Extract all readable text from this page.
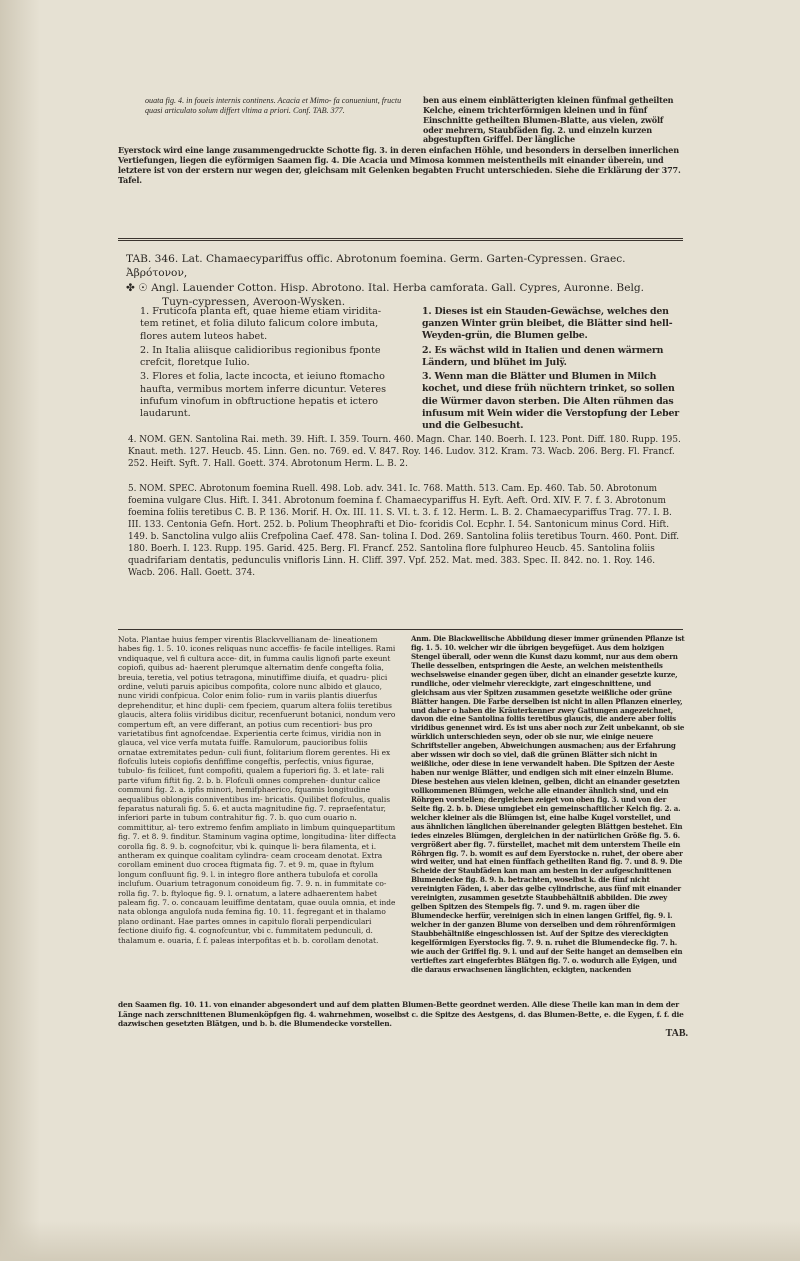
ouata fig. 4. in foueis internis continens. Acacia et Mimo- fa conueniunt, fructu quasi articulato solum differt vltima a priori. Conf. TAB. 377.
ben aus einem einblätterigten kleinen fünfmal getheilten Kelche, einem trichterförmigen kleinen und in fünf Einschnitte getheilten Blumen-Blatte, aus vielen, zwölf oder mehrern, Staubfäden fig. 2. und einzeln kurzen abgestupften Griffel. Der längliche
Eyerstock wird eine lange zusammengedruckte Schotte fig. 3. in deren einfachen Höhle, und besonders in derselben innerlichen Vertiefungen, liegen die eyförmigen Saamen fig. 4. Die Acacia und Mimosa kommen meistentheils mit einander überein, und letztere ist von der erstern nur wegen der, gleichsam mit Gelenken begabten Frucht unterschieden. Siehe die Erklärung der 377. Tafel.
TAB. 346. Lat. Chamaecypariffus offic. Abrotonum foemina. Germ. Garten-Cypressen. Graec. Ἀβρότονον,
✤ ☉ Angl. Lauender Cotton. Hisp. Abrotono. Ital. Herba camforata. Gall. Cypres, Auronne. Belg.
Tuyn-cypressen, Averoon-Wysken.
1. Fruticofa planta eft, quae hieme etiam viridita- tem retinet, et folia diluto falicum colore imbuta, flores autem luteos habet.
2. In Italia aliisque calidioribus regionibus fponte crefcit, floretque Iulio.
3. Flores et folia, lacte incocta, et ieiuno ftomacho haufta, vermibus mortem inferre dicuntur. Veteres infufum vinofum in obftructione hepatis et ictero laudarunt.
1. Dieses ist ein Stauden-Gewächse, welches den ganzen Winter grün bleibet, die Blätter sind hell-Weyden-grün, die Blumen gelbe.
2. Es wächst wild in Italien und denen wärmern Ländern, und blühet im Julÿ.
3. Wenn man die Blätter und Blumen in Milch kochet, und diese früh nüchtern trinket, so sollen die Würmer davon sterben. Die Alten rühmen das infusum mit Wein wider die Verstopfung der Leber und die Gelbesucht.
4. NOM. GEN. Santolina Rai. meth. 39. Hift. I. 359. Tourn. 460. Magn. Char. 140. Boerh. I. 123. Pont. Diff. 180. Rupp. 195. Knaut. meth. 127. Heucb. 45. Linn. Gen. no. 769. ed. V. 847. Roy. 146. Ludov. 312. Kram. 73. Wacb. 206. Berg. Fl. Francf. 252. Heift. Syft. 7. Hall. Goett. 374. Abrotonum Herm. L. B. 2.
5. NOM. SPEC. Abrotonum foemina Ruell. 498. Lob. adv. 341. Ic. 768. Matth. 513. Cam. Ep. 460. Tab. 50. Abrotonum foemina vulgare Clus. Hift. I. 341. Abrotonum foemina f. Chamaecypariffus H. Eyft. Aeft. Ord. XIV. F. 7. f. 3. Abrotonum foemina foliis teretibus C. B. P. 136. Morif. H. Ox. III. 11. S. VI. t. 3. f. 12. Herm. L. B. 2. Chamaecypariffus Trag. 77. I. B. III. 133. Centonia Gefn. Hort. 252. b. Polium Theophrafti et Dio- fcoridis Col. Ecphr. I. 54. Santonicum minus Cord. Hift. 149. b. Sanctolina vulgo aliis Crefpolina Caef. 478. San- tolina I. Dod. 269. Santolina foliis teretibus Tourn. 460. Pont. Diff. 180. Boerh. I. 123. Rupp. 195. Garid. 425. Berg. Fl. Francf. 252. Santolina flore fulphureo Heucb. 45. Santolina foliis quadrifariam dentatis, pedunculis vnifloris Linn. H. Cliff. 397. Vpf. 252. Mat. med. 383. Spec. II. 842. no. 1. Roy. 146. Wacb. 206. Hall. Goett. 374.
Nota. Plantae huius femper virentis Blackvvellianam de- lineationem habes fig. 1. 5. 10. icones reliquas nunc acceffis- fe facile intelliges. Rami vndiquaque, vel fi cultura acce- dit, in fumma caulis lignofi parte exeunt copiofi, quibus ad- haerent plerumque alternatim denfe congefta folia, breuia, teretia, vel potius tetragona, minutiffime diuifa, et quadru- plici ordine, veluti paruis apicibus compofita, colore nunc albido et glauco, nunc viridi confpicua. Color enim folio- rum in variis plantis diuerfus deprehenditur, et hinc dupli- cem fpeciem, quarum altera foliis teretibus glaucis, altera foliis viridibus dicitur, recenfuerunt botanici, nondum vero compertum eft, an vere differant, an potius cum recentiori- bus pro varietatibus fint agnofcendae. Experientia certe fcimus, viridia non in glauca, vel vice verfa mutata fuiffe. Ramulorum, paucioribus foliis ornatae extremitates pedun- culi fiunt, folitarium florem gerentes. Hi ex flofculis luteis copiofis denfiffime congeftis, perfectis, vnius figurae, tubulo- fis fcilicet, funt compofiti, qualem a fuperiori fig. 3. et late- rali parte vifum fiftit fig. 2. b. b. Flofculi omnes comprehen- duntur calice communi fig. 2. a. ipfis minori, hemifphaerico, fquamis longitudine aequalibus oblongis conniventibus im- bricatis. Quilibet flofculus, qualis feparatus naturali fig. 5. 6. et aucta magnitudine fig. 7. repraefentatur, inferiori parte in tubum contrahitur fig. 7. b. quo cum ouario n. committitur, al- tero extremo fenfim ampliato in limbum quinquepartitum fig. 7. et 8. 9. finditur. Staminum vagina optime, longitudina- liter diffecta corolla fig. 8. 9. b. cognofcitur, vbi k. quinque li- bera filamenta, et i. antheram ex quinque coalitam cylindra- ceam croceam denotat. Extra corollam eminent duo crocea ftigmata fig. 7. et 9. m, quae in ftylum longum confluunt fig. 9. l. in integro flore anthera tubulofa et corolla inclufum. Ouarium tetragonum conoideum fig. 7. 9. n. in fummitate co- rolla fig. 7. b. ftyloque fig. 9. l. ornatum, a latere adhaerentem habet paleam fig. 7. o. concauam leuiffime dentatam, quae ouula omnia, et inde nata oblonga angulofa nuda femina fig. 10. 11. fegregant et in thalamo plano ordinant. Hae partes omnes in capitulo florali perpendiculari fectione diuifo fig. 4. cognofcuntur, vbi c. fummitatem pedunculi, d. thalamum e. ouaria, f. f. paleas interpofitas et b. b. corollam denotat.
Anm. Die Blackwellische Abbildung dieser immer grünenden Pflanze ist fig. 1. 5. 10. welcher wir die übrigen beygefüget. Aus dem holzigen Stengel überall, oder wenn die Kunst dazu kommt, nur aus dem obern Theile desselben, entspringen die Aeste, an welchen meistentheils wechselsweise einander gegen über, dicht an einander gesetzte kurze, rundliche, oder vielmehr viereckigte, zart eingeschnittene, und gleichsam aus vier Spitzen zusammen gesetzte weißliche oder grüne Blätter hangen. Die Farbe derselben ist nicht in allen Pflanzen einerley, und daher o haben die Kräuterkenner zwey Gattungen angezeichnet, davon die eine Santolina foliis teretibus glaucis, die andere aber foliis viridibus genennet wird. Es ist uns aber noch zur Zeit unbekannt, ob sie würklich unterschieden seyn, oder ob sie nur, wie einige neuere Schriftsteller angeben, Abweichungen ausmachen; aus der Erfahrung aber wissen wir doch so viel, daß die grünen Blätter sich nicht in weißliche, oder diese in iene verwandelt haben. Die Spitzen der Aeste haben nur wenige Blätter, und endigen sich mit einer einzeln Blume. Diese bestehen aus vielen kleinen, gelben, dicht an einander gesetzten vollkommenen Blümgen, welche alle einander ähnlich sind, und ein Röhrgen vorstellen; dergleichen zeiget von oben fig. 3. und von der Seite fig. 2. b. b. Diese umgiebet ein gemeinschaftlicher Kelch fig. 2. a. welcher kleiner als die Blümgen ist, eine halbe Kugel vorstellet, und aus ähnlichen länglichen übereinander gelegten Blättgen bestehet. Ein iedes einzeles Blümgen, dergleichen in der natürlichen Größe fig. 5. 6. vergrößert aber fig. 7. fürstellet, machet mit dem unterstem Theile ein Röhrgen fig. 7. b. womit es auf dem Eyerstocke n. ruhet, der obere aber wird weiter, und hat einen fünffach getheilten Rand fig. 7. und 8. 9. Die Scheide der Staubfäden kan man am besten in der aufgeschnittenen Blumendecke fig. 8. 9. h. betrachten, woselbst k. die fünf nicht vereinigten Fäden, i. aber das gelbe cylindrische, aus fünf mit einander vereinigten, zusammen gesetzte Staubbehältniß abbilden. Die zwey gelben Spitzen des Stempels fig. 7. und 9. m. ragen über die Blumendecke herfür, vereinigen sich in einen langen Griffel, fig. 9. l. welcher in der ganzen Blume von derselben und dem röhrenförmigen Staubbehältniße eingeschlossen ist. Auf der Spitze des viereckigten kegelförmigen Eyerstocks fig. 7. 9. n. ruhet die Blumendecke fig. 7. h. wie auch der Griffel fig. 9. l. und auf der Seite hanget an demselben ein vertieftes zart eingeferbtes Blätgen fig. 7. o. wodurch alle Eyigen, und die daraus erwachsenen länglichten, eckigten, nackenden
den Saamen fig. 10. 11. von einander abgesondert und auf dem platten Blumen-Bette geordnet werden. Alle diese Theile kan man in dem der Länge nach zerschnittenen Blumenköpfgen fig. 4. wahrnehmen, woselbst c. die Spitze des Aestgens, d. das Blumen-Bette, e. die Eygen, f. f. die dazwischen gesetzten Blätgen, und b. b. die Blumendecke vorstellen.
TAB.
